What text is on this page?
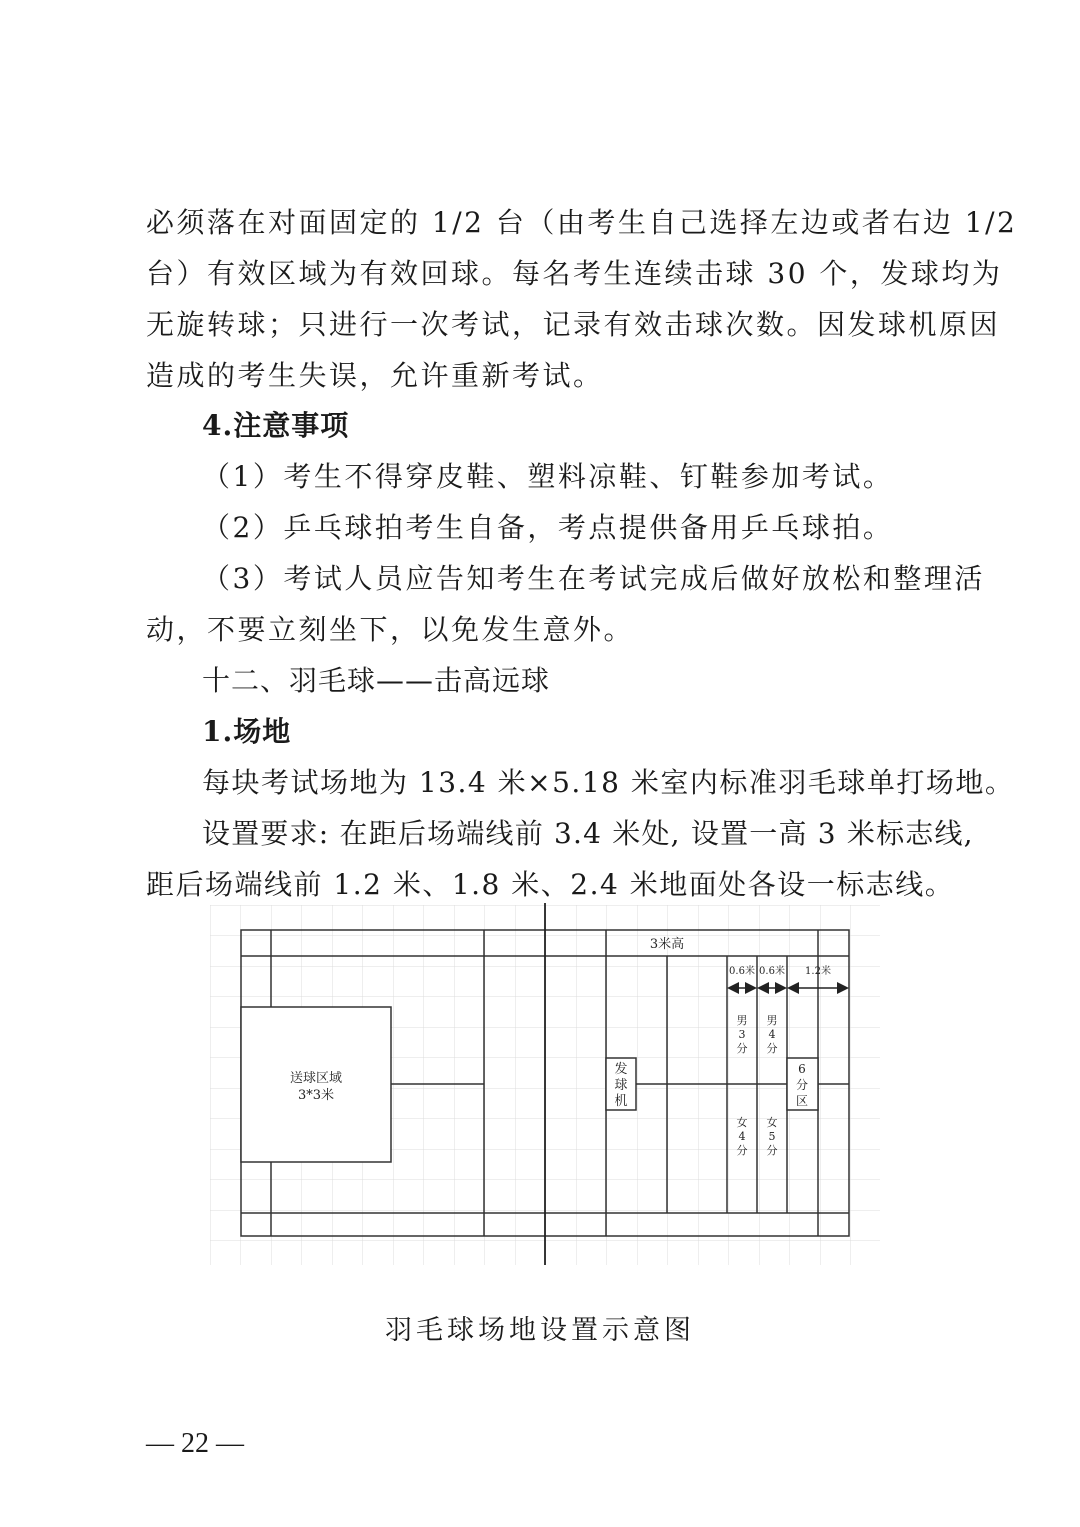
必须落在对面固定的 1/2 台（由考生自己选择左边或者右边 1/2
台）有效区域为有效回球。每名考生连续击球 30 个，发球均为
无旋转球；只进行一次考试，记录有效击球次数。因发球机原因
造成的考生失误，允许重新考试。
4.注意事项
（1）考生不得穿皮鞋、塑料凉鞋、钉鞋参加考试。
（2）乒乓球拍考生自备，考点提供备用乒乓球拍。
（3）考试人员应告知考生在考试完成后做好放松和整理活
动，不要立刻坐下，以免发生意外。
十二、羽毛球——击高远球
1.场地
每块考试场地为 13.4 米×5.18 米室内标准羽毛球单打场地。
设置要求: 在距后场端线前 3.4 米处, 设置一高 3 米标志线,
距后场端线前 1.2 米、1.8 米、2.4 米地面处各设一标志线。
送球区域
3*3米
3米高
0.6米 0.6米 1.2米
发
球
机
男
3
分
男
4
分
女
4
分
女
5
分
6
分
区
羽毛球场地设置示意图
— 22 —
